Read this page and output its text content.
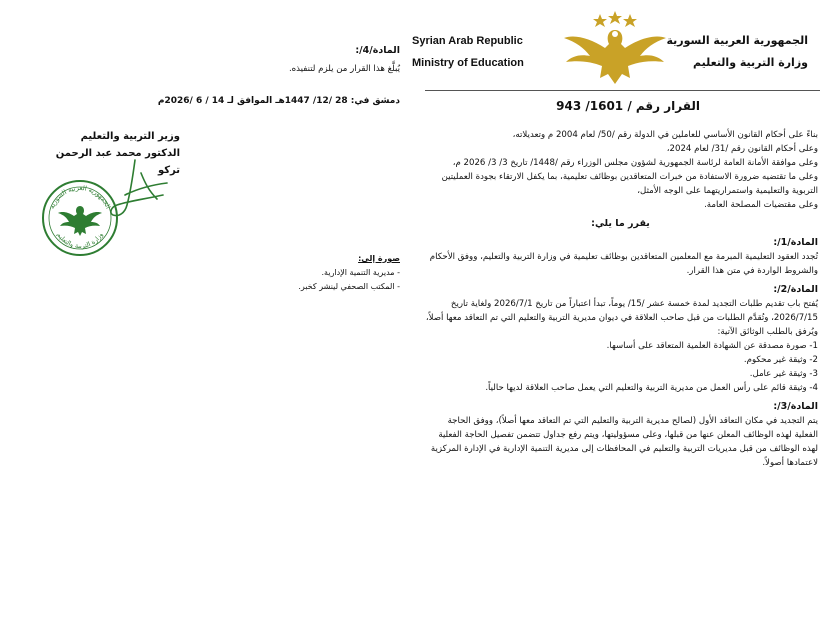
الجمهورية العربية السورية
وزارة التربية والتعليم
Syrian Arab Republic
Ministry of Education
القرار رقم / 1601/ 943

بناءً على أحكام القانون الأساسي للعاملين في الدولة رقم /50/ لعام 2004 م وتعديلاته،

وعلى أحكام القانون رقم /31/ لعام 2024،

وعلى موافقة الأمانة العامة لرئاسة الجمهورية لشؤون مجلس الوزراء رقم /1448/ تاريخ 3/ 3/ 2026 م،

وعلى ما تقتضيه ضرورة الاستفادة من خبرات المتعاقدين بوظائف تعليمية، بما يكفل الارتقاء بجودة العمليتين التربوية والتعليمية واستمراريتهما على الوجه الأمثل،

وعلى مقتضيات المصلحة العامة.

يقرر ما يلي:

المادة/1/:

تُجدد العقود التعليمية المبرمة مع المعلمين المتعاقدين بوظائف تعليمية في وزارة التربية والتعليم، ووفق الأحكام والشروط الواردة في متن هذا القرار.

المادة/2/:

يُفتح باب تقديم طلبات التجديد لمدة خمسة عشر /15/ يوماً، تبدأ اعتباراً من تاريخ 2026/7/1 ولغاية تاريخ 2026/7/15، وتُقدَّم الطلبات من قبل صاحب العلاقة في ديوان مديرية التربية والتعليم التي تم التعاقد معها أصلاً، ويُرفق بالطلب الوثائق الآتية:

1- صورة مصدقة عن الشهادة العلمية المتعاقد على أساسها.

2- وثيقة غير محكوم.

3- وثيقة غير عامل.

4- وثيقة قائم على رأس العمل من مديرية التربية والتعليم التي يعمل صاحب العلاقة لديها حالياً.

المادة/3/:

يتم التجديد في مكان التعاقد الأول (لصالح مديرية التربية والتعليم التي تم التعاقد معها أصلاً)، ووفق الحاجة الفعلية لهذه الوظائف المعلن عنها من قبلها، وعلى مسؤوليتها، ويتم رفع جداول تتضمن تفصيل الحاجة الفعلية لهذه الوظائف من قبل مديريات التربية والتعليم في المحافظات إلى مديرية التنمية الإدارية في الإدارة المركزية لاعتمادها أصولاً.

المادة/4/:
يُبلَّغ هذا القرار من يلزم لتنفيذه.
دمشق في: 28 /12/ 1447هـ الموافق لـ 14 / 6 /2026م
وزير التربية والتعليم
الدكتور محمد عبد الرحمن تركو
الجمهورية العربية السورية
وزارة التربية والتعليم
صورة إلى:
- مديرية التنمية الإدارية.
- المكتب الصحفي لينشر كخبر.
